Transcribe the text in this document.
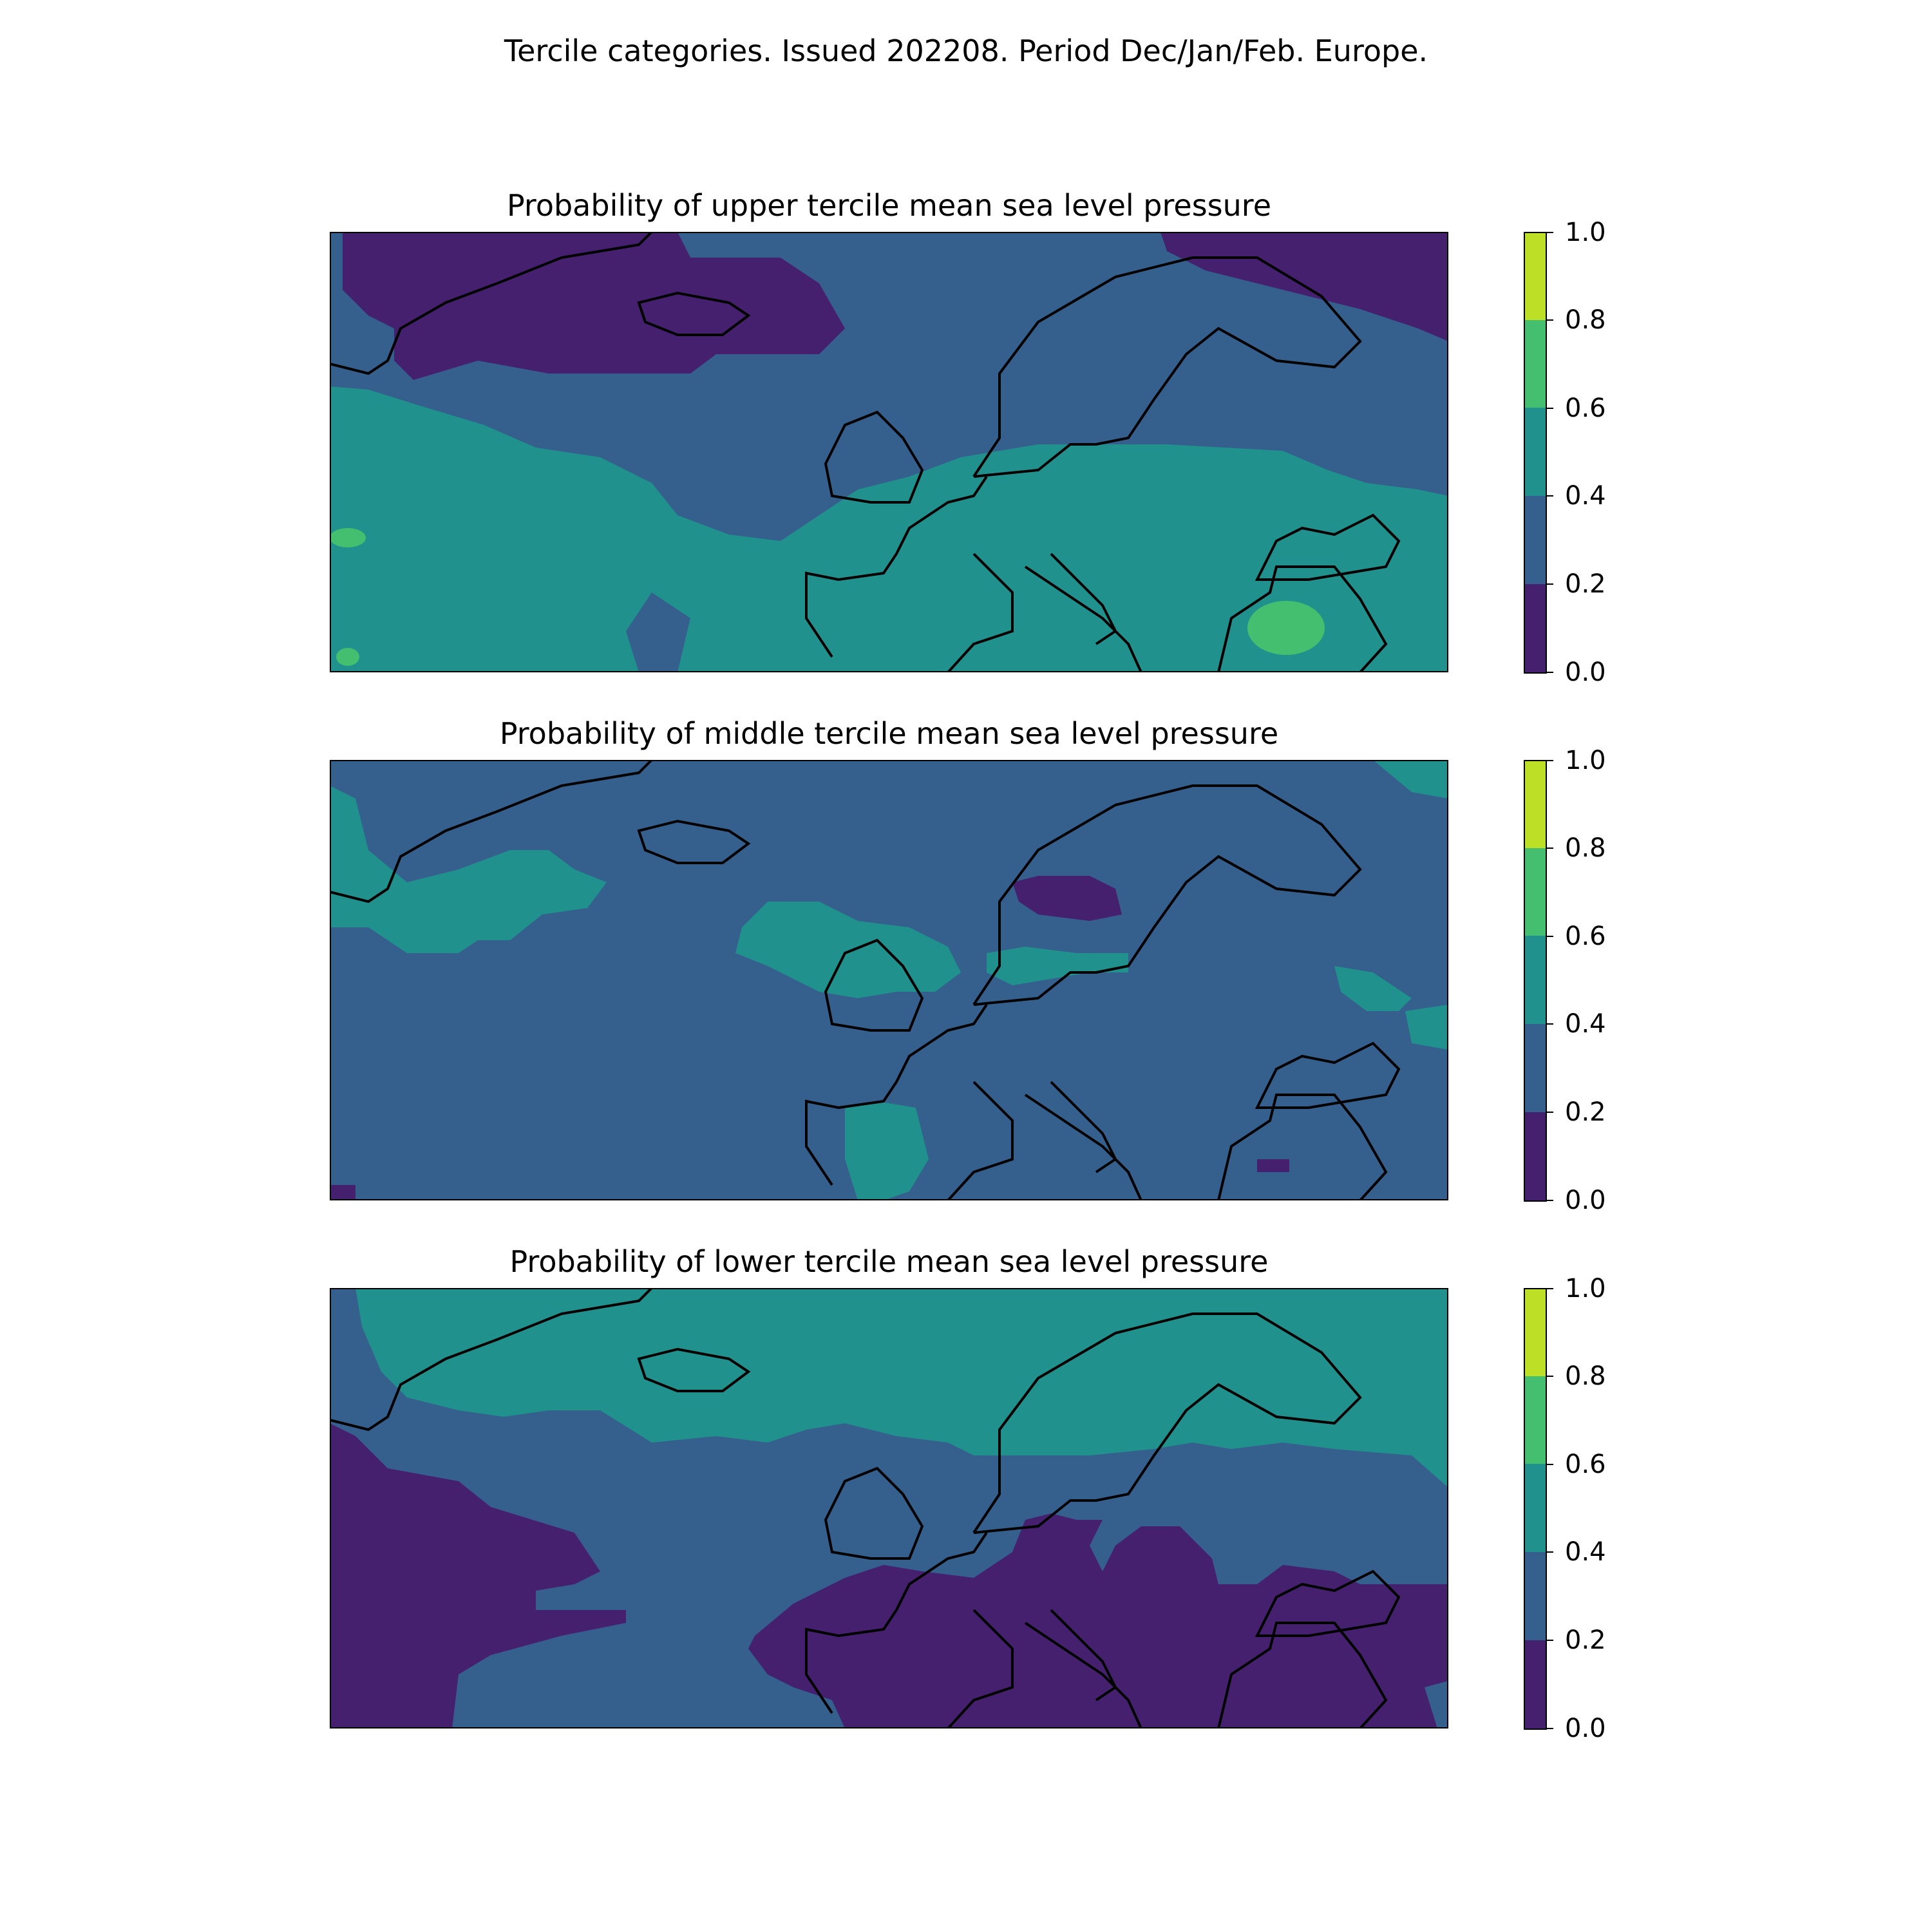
Tercile categories. Issued 202208. Period Dec/Jan/Feb. Europe.
Probability of upper tercile mean sea level pressure
0.0
0.2
0.4
0.6
0.8
1.0
Probability of middle tercile mean sea level pressure
0.0
0.2
0.4
0.6
0.8
1.0
Probability of lower tercile mean sea level pressure
0.0
0.2
0.4
0.6
0.8
1.0
